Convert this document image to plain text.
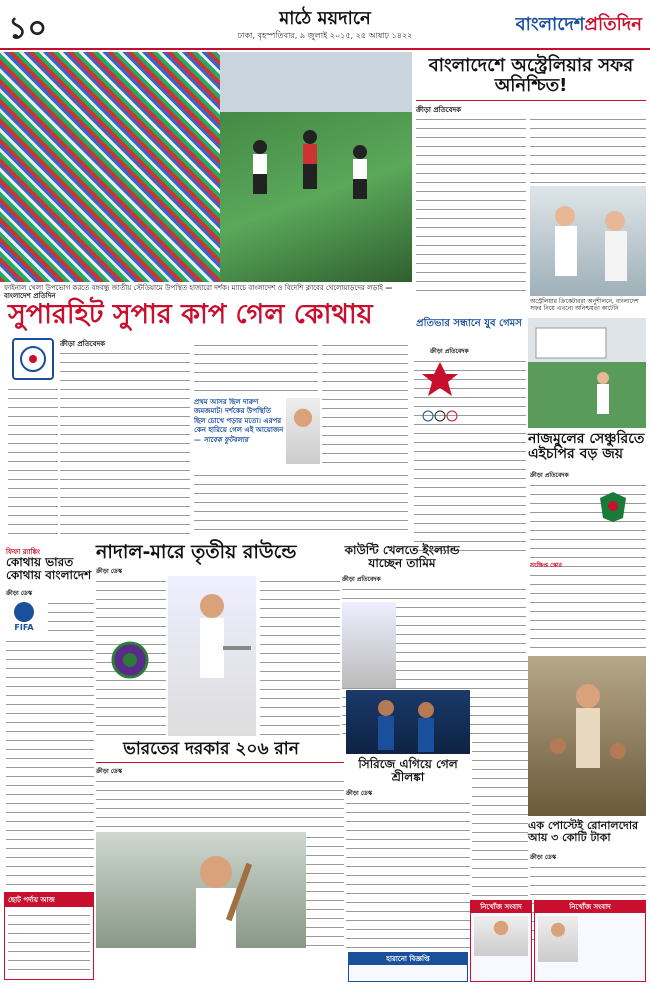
১০	মাঠে ময়দানে
ঢাকা, বৃহস্পতিবার, ৯ জুলাই ২০১৫, ২৫ আষাঢ় ১৪২২
বাংলাদেশপ্রতিদিন
ফাইনাল খেলা উপভোগ করতে বঙ্গবন্ধু জাতীয় স্টেডিয়ামে উপস্থিত হাজারো দর্শক। ম্যাচে বাংলাদেশ ও বিদেশি ক্লাবের খেলোয়াড়দের লড়াই —বাংলাদেশ প্রতিদিন
বাংলাদেশে অস্ট্রেলিয়ার সফর অনিশ্চিত!
ক্রীড়া প্রতিবেদক
অস্ট্রেলিয়ার ক্রিকেটাররা অনুশীলনে, বাংলাদেশ সফর নিয়ে এখনো অনিশ্চয়তা কাটেনি
সুপারহিট সুপার কাপ গেল কোথায়
ক্রীড়া প্রতিবেদক
প্রথম আসর ছিল দারুণ জমজমাট। দর্শকের উপস্থিতি ছিল চোখে পড়ার মতো। এরপর কেন হারিয়ে গেল এই আয়োজন — সাবেক ফুটবলার
প্রতিভার সন্ধানে যুব গেমস
ক্রীড়া প্রতিবেদক
নাজমুলের সেঞ্চুরিতে এইচপির বড় জয়
ক্রীড়া প্রতিবেদক
সংক্ষিপ্ত স্কোর
ফিফা র‍্যাঙ্কিং
কোথায় ভারত কোথায় বাংলাদেশ
ক্রীড়া ডেস্ক
FIFA
নাদাল-মারে তৃতীয় রাউন্ডে
ক্রীড়া ডেস্ক
কাউন্টি খেলতে ইংল্যান্ড যাচ্ছেন তামিম
ক্রীড়া প্রতিবেদক
ভারতের দরকার ২০৬ রান
ক্রীড়া ডেস্ক
সিরিজে এগিয়ে গেল শ্রীলঙ্কা
ক্রীড়া ডেস্ক
এক পোস্টেই রোনালদোর আয় ৩ কোটি টাকা
ক্রীড়া ডেস্ক
ছোট পর্দায় আজ
হারানো বিজ্ঞপ্তি
নিখোঁজ সংবাদ	নিখোঁজ সংবাদ
